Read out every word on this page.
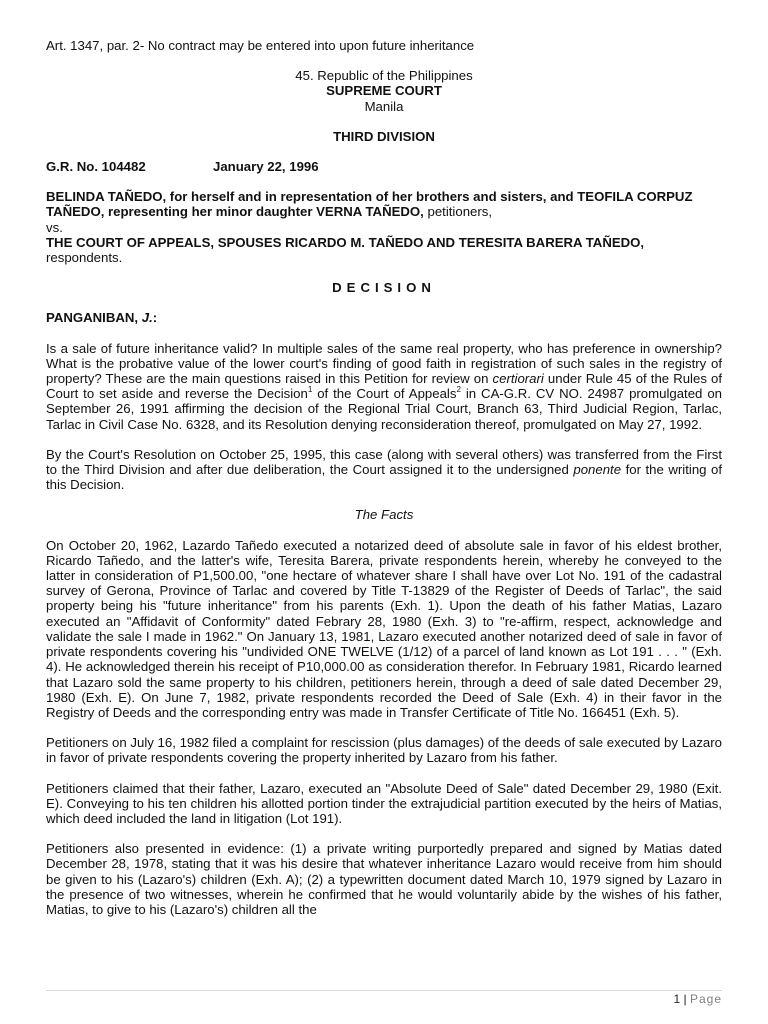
Art. 1347, par. 2- No contract may be entered into upon future inheritance

45. Republic of the Philippines

SUPREME COURT

Manila

THIRD DIVISION

G.R. No. 104482	January 22, 1996

BELINDA TAÑEDO, for herself and in representation of her brothers and sisters, and TEOFILA CORPUZ TAÑEDO, representing her minor daughter VERNA TAÑEDO, petitioners,

vs.

THE COURT OF APPEALS, SPOUSES RICARDO M. TAÑEDO AND TERESITA BARERA TAÑEDO, respondents.

DECISION

PANGANIBAN, J.:

Is a sale of future inheritance valid? In multiple sales of the same real property, who has preference in ownership? What is the probative value of the lower court's finding of good faith in registration of such sales in the registry of property? These are the main questions raised in this Petition for review on certiorari under Rule 45 of the Rules of Court to set aside and reverse the Decision$^1$ of the Court of Appeals$^2$ in CA-G.R. CV NO. 24987 promulgated on September 26, 1991 affirming the decision of the Regional Trial Court, Branch 63, Third Judicial Region, Tarlac, Tarlac in Civil Case No. 6328, and its Resolution denying reconsideration thereof, promulgated on May 27, 1992.

By the Court's Resolution on October 25, 1995, this case (along with several others) was transferred from the First to the Third Division and after due deliberation, the Court assigned it to the undersigned ponente for the writing of this Decision.

The Facts

On October 20, 1962, Lazardo Tañedo executed a notarized deed of absolute sale in favor of his eldest brother, Ricardo Tañedo, and the latter's wife, Teresita Barera, private respondents herein, whereby he conveyed to the latter in consideration of P1,500.00, "one hectare of whatever share I shall have over Lot No. 191 of the cadastral survey of Gerona, Province of Tarlac and covered by Title T-13829 of the Register of Deeds of Tarlac", the said property being his "future inheritance" from his parents (Exh. 1). Upon the death of his father Matias, Lazaro executed an "Affidavit of Conformity" dated Febrary 28, 1980 (Exh. 3) to "re-affirm, respect, acknowledge and validate the sale I made in 1962." On January 13, 1981, Lazaro executed another notarized deed of sale in favor of private respondents covering his "undivided ONE TWELVE (1/12) of a parcel of land known as Lot 191 . . . " (Exh. 4). He acknowledged therein his receipt of P10,000.00 as consideration therefor. In February 1981, Ricardo learned that Lazaro sold the same property to his children, petitioners herein, through a deed of sale dated December 29, 1980 (Exh. E). On June 7, 1982, private respondents recorded the Deed of Sale (Exh. 4) in their favor in the Registry of Deeds and the corresponding entry was made in Transfer Certificate of Title No. 166451 (Exh. 5).

Petitioners on July 16, 1982 filed a complaint for rescission (plus damages) of the deeds of sale executed by Lazaro in favor of private respondents covering the property inherited by Lazaro from his father.

Petitioners claimed that their father, Lazaro, executed an "Absolute Deed of Sale" dated December 29, 1980 (Exit. E). Conveying to his ten children his allotted portion tinder the extrajudicial partition executed by the heirs of Matias, which deed included the land in litigation (Lot 191).

Petitioners also presented in evidence: (1) a private writing purportedly prepared and signed by Matias dated December 28, 1978, stating that it was his desire that whatever inheritance Lazaro would receive from him should be given to his (Lazaro's) children (Exh. A); (2) a typewritten document dated March 10, 1979 signed by Lazaro in the presence of two witnesses, wherein he confirmed that he would voluntarily abide by the wishes of his father, Matias, to give to his (Lazaro's) children all the

1 | Page
